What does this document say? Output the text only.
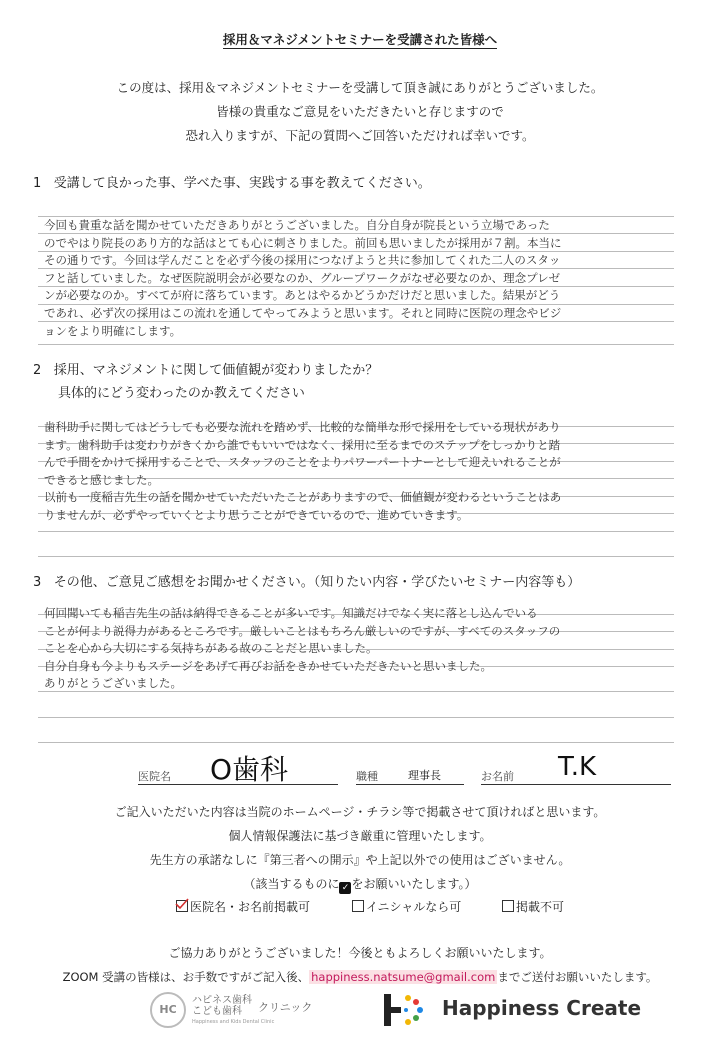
採用＆マネジメントセミナーを受講された皆様へ
この度は、採用＆マネジメントセミナーを受講して頂き誠にありがとうございました。
皆様の貴重なご意見をいただきたいと存じますので
恐れ入りますが、下記の質問へご回答いただければ幸いです。
1 受講して良かった事、学べた事、実践する事を教えてください。
今回も貴重な話を聞かせていただきありがとうございました。自分自身が院長という立場であった
のでやはり院長のあり方的な話はとても心に刺さりました。前回も思いましたが採用が７割。本当に
その通りです。今回は学んだことを必ず今後の採用につなげようと共に参加してくれた二人のスタッ
フと話していました。なぜ医院説明会が必要なのか、グループワークがなぜ必要なのか、理念プレゼ
ンが必要なのか。すべてが府に落ちています。あとはやるかどうかだけだと思いました。結果がどう
であれ、必ず次の採用はこの流れを通してやってみようと思います。それと同時に医院の理念やビジ
ョンをより明確にします。
2 採用、マネジメントに関して価値観が変わりましたか？
具体的にどう変わったのか教えてください
歯科助手に関してはどうしても必要な流れを踏めず、比較的な簡単な形で採用をしている現状があり
ます。歯科助手は変わりがきくから誰でもいいではなく、採用に至るまでのステップをしっかりと踏
んで手間をかけて採用することで、スタッフのことをよりパワーパートナーとして迎えいれることが
できると感じました。
以前も一度稲吉先生の話を聞かせていただいたことがありますので、価値観が変わるということはあ
りませんが、必ずやっていくとより思うことができているので、進めていきます。
3 その他、ご意見ご感想をお聞かせください。（知りたい内容・学びたいセミナー内容等も）
何回聞いても稲吉先生の話は納得できることが多いです。知識だけでなく実に落とし込んでいる
ことが何より説得力があるところです。厳しいことはもちろん厳しいのですが、すべてのスタッフの
ことを心から大切にする気持ちがある故のことだと思いました。
自分自身も今よりもステージをあげて再びお話をきかせていただきたいと思いました。
ありがとうございました。
医院名 O歯科	職種	理事長	お名前 T.K
ご記入いただいた内容は当院のホームページ・チラシ等で掲載させて頂ければと思います。
個人情報保護法に基づき厳重に管理いたします。
先生方の承諾なしに『第三者への開示』や上記以外での使用はございません。
（該当するものに ✓ をお願いいたします。）
医院名・お名前掲載可	イニシャルなら可	掲載不可
ご協力ありがとうございました！今後ともよろしくお願いいたします。
ZOOM 受講の皆様は、お手数ですがご記入後、 happiness.natsume@gmail.com までご送付お願いいたします。
HC
ハピネス歯科
こども歯科 クリニック
Happiness and Kids Dental Clinic
Happiness Create
